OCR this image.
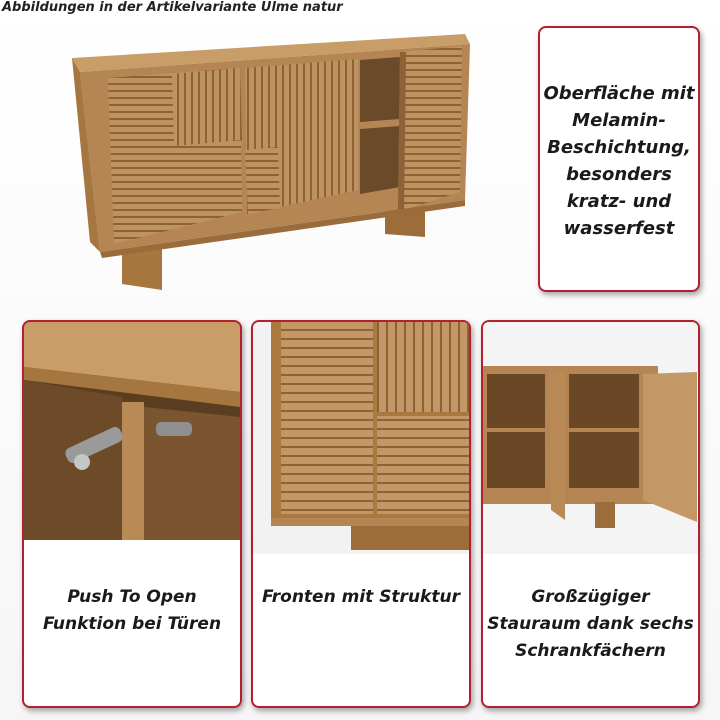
Abbildungen in der Artikelvariante Ulme natur
Oberfläche mit
Melamin-
Beschichtung,
besonders
kratz- und
wasserfest
Push To Open
Funktion bei Türen
Fronten mit Struktur	Großzügiger
Stauraum dank sechs
Schrankfächern
